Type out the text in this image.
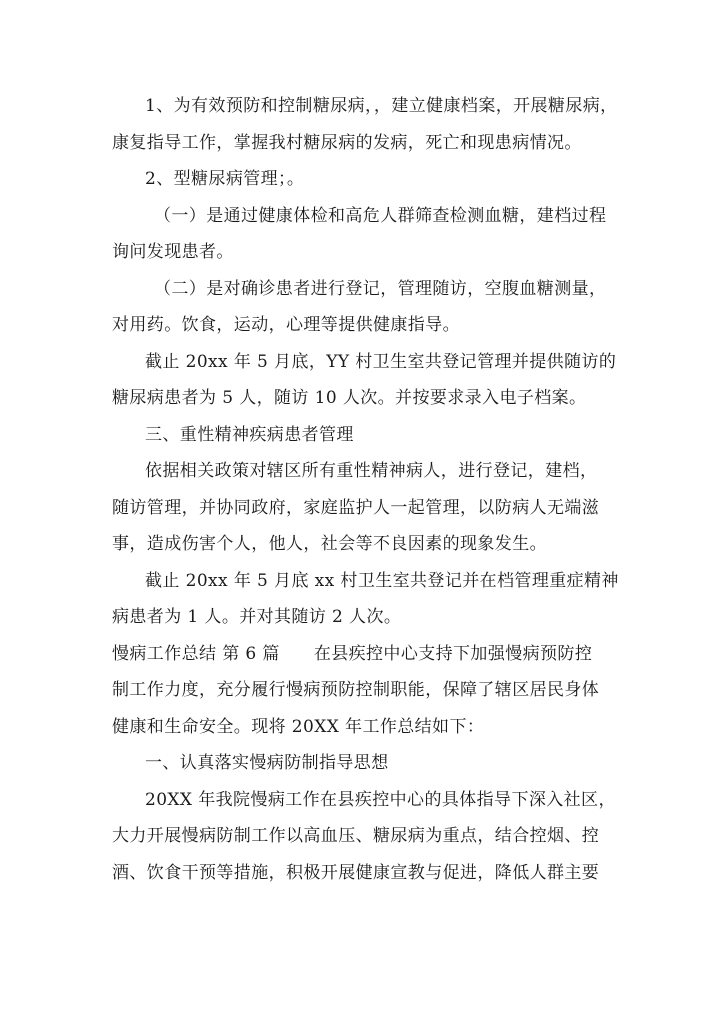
1、为有效预防和控制糖尿病，，建立健康档案，开展糖尿病，
康复指导工作，掌握我村糖尿病的发病，死亡和现患病情况。

2、型糖尿病管理；。

（一）是通过健康体检和高危人群筛查检测血糖，建档过程
询问发现患者。

（二）是对确诊患者进行登记，管理随访，空腹血糖测量，
对用药。饮食，运动，心理等提供健康指导。

截止 20xx 年 5 月底，YY 村卫生室共登记管理并提供随访的
糖尿病患者为 5 人，随访 10 人次。并按要求录入电子档案。

三、重性精神疾病患者管理

依据相关政策对辖区所有重性精神病人，进行登记，建档，
随访管理，并协同政府，家庭监护人一起管理，以防病人无端滋
事，造成伤害个人，他人，社会等不良因素的现象发生。

截止 20xx 年 5 月底 xx 村卫生室共登记并在档管理重症精神
病患者为 1 人。并对其随访 2 人次。

慢病工作总结 第 6 篇 在县疾控中心支持下加强慢病预防控
制工作力度，充分履行慢病预防控制职能，保障了辖区居民身体
健康和生命安全。现将 20XX 年工作总结如下：

一、认真落实慢病防制指导思想

20XX 年我院慢病工作在县疾控中心的具体指导下深入社区，
大力开展慢病防制工作以高血压、糖尿病为重点，结合控烟、控
酒、饮食干预等措施，积极开展健康宣教与促进，降低人群主要
